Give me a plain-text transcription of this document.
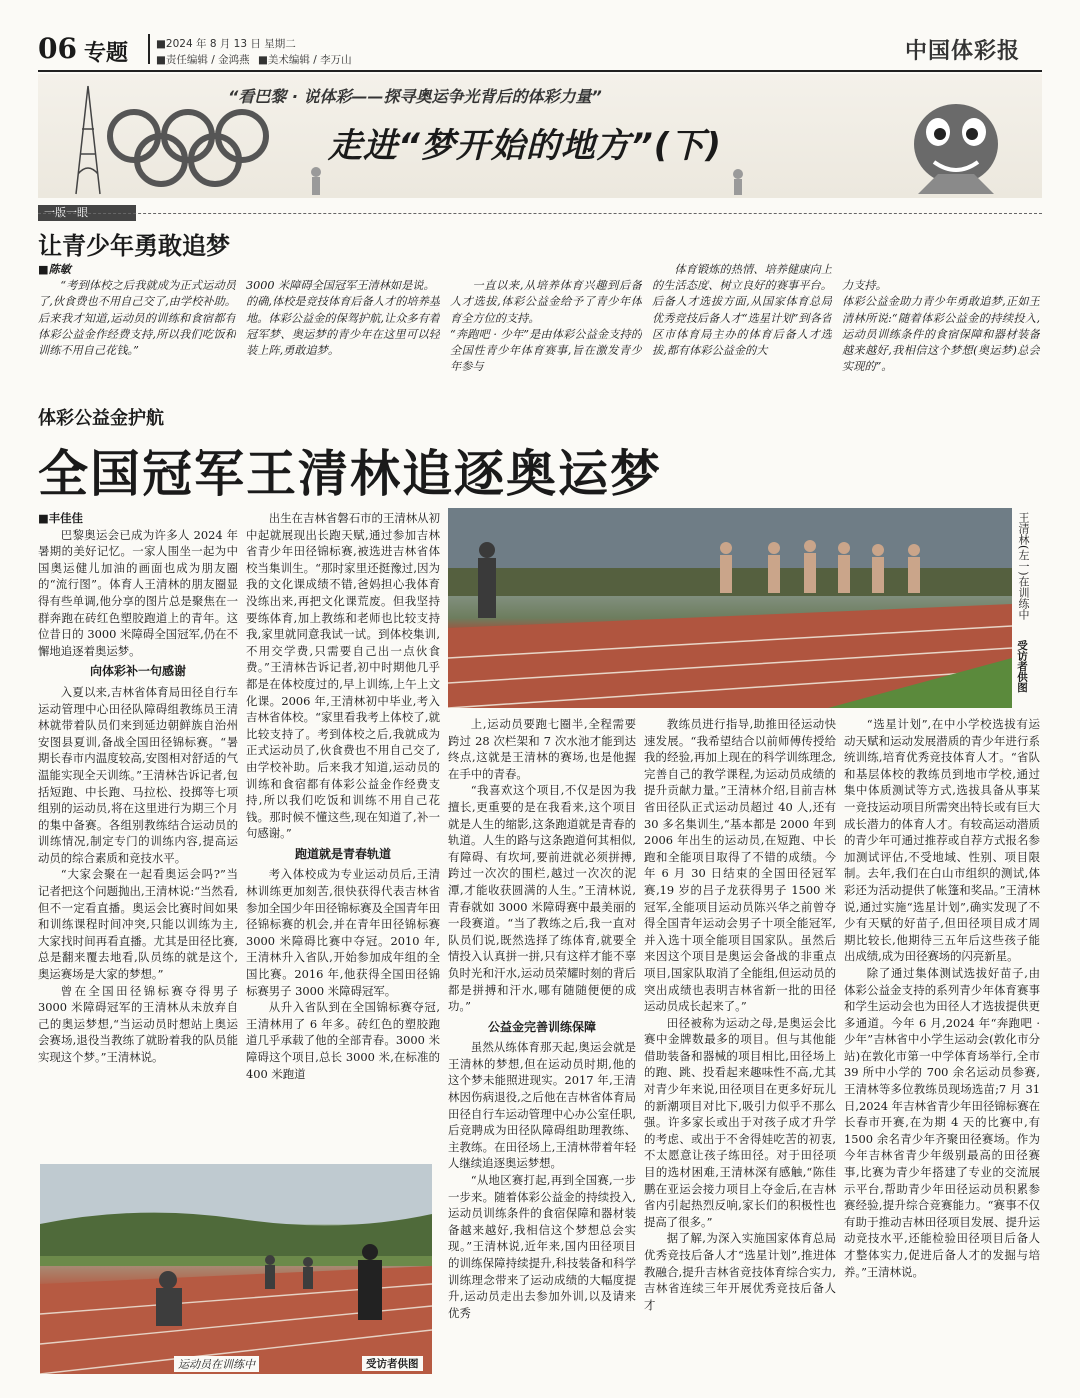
06 专题	■2024 年 8 月 13 日 星期二
■责任编辑 / 金鸿燕 ■美术编辑 / 李万山	中国体彩报
“看巴黎 · 说体彩——探寻奥运争光背后的体彩力量”
走进“梦开始的地方”(下)
一版一眼
让青少年勇敢追梦

■陈敏

“考到体校之后我就成为正式运动员了,伙食费也不用自己交了,由学校补助。后来我才知道,运动员的训练和食宿都有体彩公益金作经费支持,所以我们吃饭和训练不用自己花钱。”

3000 米障碍全国冠军王清林如是说。
的确,体校是竞技体育后备人才的培养基地。体彩公益金的保驾护航,让众多有着冠军梦、奥运梦的青少年在这里可以轻装上阵,勇敢追梦。

一直以来,从培养体育兴趣到后备人才选拔,体彩公益金给予了青少年体育全方位的支持。
“奔跑吧 · 少年”是由体彩公益金支持的全国性青少年体育赛事,旨在激发青少年参与

体育锻炼的热情、培养健康向上的生活态度、树立良好的赛事平台。后备人才选拔方面,从国家体育总局优秀竞技后备人才“选星计划”到各省区市体育局主办的体育后备人才选拔,都有体彩公益金的大

力支持。
体彩公益金助力青少年勇敢追梦,正如王清林所说:“随着体彩公益金的持续投入,运动员训练条件的食宿保障和器材装备越来越好,我相信这个梦想(奥运梦)总会实现的”。

体彩公益金护航
全国冠军王清林追逐奥运梦
王清林(左一)在训练中
受访者供图

■丰佳佳

巴黎奥运会已成为许多人 2024 年暑期的美好记忆。一家人围坐一起为中国奥运健儿加油的画面也成为朋友圈的“流行图”。体育人王清林的朋友圈显得有些单调,他分享的图片总是聚焦在一群奔跑在砖红色塑胶跑道上的青年。这位昔日的 3000 米障碍全国冠军,仍在不懈地追逐着奥运梦。

向体彩补一句感谢

入夏以来,吉林省体育局田径自行车运动管理中心田径队障碍组教练员王清林就带着队员们来到延边朝鲜族自治州安图县夏训,备战全国田径锦标赛。“暑期长春市内温度较高,安图相对舒适的气温能实现全天训练。”王清林告诉记者,包括短跑、中长跑、马拉松、投掷等七项组别的运动员,将在这里进行为期三个月的集中备赛。各组别教练结合运动员的训练情况,制定专门的训练内容,提高运动员的综合素质和竞技水平。

“大家会聚在一起看奥运会吗?”当记者把这个问题抛出,王清林说:“当然看,但不一定看直播。奥运会比赛时间如果和训练课程时间冲突,只能以训练为主,大家找时间再看直播。尤其是田径比赛,总是翻来覆去地看,队员练的就是这个,奥运赛场是大家的梦想。”

曾在全国田径锦标赛夺得男子 3000 米障碍冠军的王清林从未放弃自己的奥运梦想,“当运动员时想站上奥运会赛场,退役当教练了就盼着我的队员能实现这个梦。”王清林说。

出生在吉林省磐石市的王清林从初中起就展现出长跑天赋,通过参加吉林省青少年田径锦标赛,被选进吉林省体校当集训生。“那时家里还挺豫过,因为我的文化课成绩不错,爸妈担心我体育没练出来,再把文化课荒废。但我坚持要练体育,加上教练和老师也比较支持我,家里就同意我试一试。到体校集训,不用交学费,只需要自己出一点伙食费。”王清林告诉记者,初中时期他几乎都是在体校度过的,早上训练,上午上文化课。2006 年,王清林初中毕业,考入吉林省体校。“家里看我考上体校了,就比较支持了。考到体校之后,我就成为正式运动员了,伙食费也不用自己交了,由学校补助。后来我才知道,运动员的训练和食宿都有体彩公益金作经费支持,所以我们吃饭和训练不用自己花钱。那时候不懂这些,现在知道了,补一句感谢。”

跑道就是青春轨道

考入体校成为专业运动员后,王清林训练更加刻苦,很快获得代表吉林省参加全国少年田径锦标赛及全国青年田径锦标赛的机会,并在青年田径锦标赛 3000 米障碍比赛中夺冠。2010 年,王清林升入省队,开始参加成年组的全国比赛。2016 年,他获得全国田径锦标赛男子 3000 米障碍冠军。

从升入省队到在全国锦标赛夺冠,王清林用了 6 年多。砖红色的塑胶跑道几乎承载了他的全部青春。3000 米障碍这个项目,总长 3000 米,在标准的 400 米跑道

上,运动员要跑七圈半,全程需要跨过 28 次栏架和 7 次水池才能到达终点,这就是王清林的赛场,也是他握在手中的青春。

“我喜欢这个项目,不仅是因为我擅长,更重要的是在我看来,这个项目就是人生的缩影,这条跑道就是青春的轨道。人生的路与这条跑道何其相似,有障碍、有坎坷,要前进就必须拼搏,跨过一次次的围栏,越过一次次的泥潭,才能收获圆满的人生。”王清林说,青春就如 3000 米障碍赛中最美丽的一段赛道。“当了教练之后,我一直对队员们说,既然选择了练体育,就要全情投入认真拼一拼,只有这样才能不辜负时光和汗水,运动员荣耀时刻的背后都是拼搏和汗水,哪有随随便便的成功。”

公益金完善训练保障

虽然从练体育那天起,奥运会就是王清林的梦想,但在运动员时期,他的这个梦未能照进现实。2017 年,王清林因伤病退役,之后他在吉林省体育局田径自行车运动管理中心办公室任职,后竞聘成为田径队障碍组助理教练、主教练。在田径场上,王清林带着年轻人继续追逐奥运梦想。

“从地区赛打起,再到全国赛,一步一步来。随着体彩公益金的持续投入,运动员训练条件的食宿保障和器材装备越来越好,我相信这个梦想总会实现。”王清林说,近年来,国内田径项目的训练保障持续提升,科技装备和科学训练理念带来了运动成绩的大幅度提升,运动员走出去参加外训,以及请来优秀

教练员进行指导,助推田径运动快速发展。“我希望结合以前师傅传授给我的经验,再加上现在的科学训练理念,完善自己的教学课程,为运动员成绩的提升贡献力量。”王清林介绍,目前吉林省田径队正式运动员超过 40 人,还有 30 多名集训生,“基本都是 2000 年到 2006 年出生的运动员,在短跑、中长跑和全能项目取得了不错的成绩。今年 6 月 30 日结束的全国田径冠军赛,19 岁的吕子龙获得男子 1500 米冠军,全能项目运动员陈兴华之前曾夺得全国青年运动会男子十项全能冠军,并入选十项全能项目国家队。虽然后来因这个项目是奥运会备战的非重点项目,国家队取消了全能组,但运动员的突出成绩也表明吉林省新一批的田径运动员成长起来了。”

田径被称为运动之母,是奥运会比赛中金牌数最多的项目。但与其他能借助装备和器械的项目相比,田径场上的跑、跳、投看起来趣味性不高,尤其对青少年来说,田径项目在更多好玩儿的新潮项目对比下,吸引力似乎不那么强。许多家长或出于对孩子成才升学的考虑、或出于不舍得娃吃苦的初衷,不太愿意让孩子练田径。对于田径项目的选材困难,王清林深有感触,“陈佳鹏在亚运会接力项目上夺金后,在吉林省内引起热烈反响,家长们的积极性也提高了很多。”

据了解,为深入实施国家体育总局优秀竞技后备人才“选星计划”,推进体教融合,提升吉林省竞技体育综合实力,吉林省连续三年开展优秀竞技后备人才

“选星计划”,在中小学校选拔有运动天赋和运动发展潜质的青少年进行系统训练,培育优秀竞技体育人才。“省队和基层体校的教练员到地市学校,通过集中体质测试等方式,选拔具备从事某一竞技运动项目所需突出特长或有巨大成长潜力的体育人才。有较高运动潜质的青少年可通过推荐或自荐方式报名参加测试评估,不受地域、性别、项目限制。去年,我们在白山市组织的测试,体彩还为活动提供了帐篷和奖品。”王清林说,通过实施“选星计划”,确实发现了不少有天赋的好苗子,但田径项目成才周期比较长,他期待三五年后这些孩子能出成绩,成为田径赛场的闪亮新星。

除了通过集体测试选拔好苗子,由体彩公益金支持的系列青少年体育赛事和学生运动会也为田径人才选拔提供更多通道。今年 6 月,2024 年“奔跑吧 · 少年”吉林省中小学生运动会(敦化市分站)在敦化市第一中学体育场举行,全市 39 所中小学的 700 余名运动员参赛,王清林等多位教练员现场选苗;7 月 31 日,2024 年吉林省青少年田径锦标赛在长春市开赛,在为期 4 天的比赛中,有 1500 余名青少年齐聚田径赛场。作为今年吉林省青少年级别最高的田径赛事,比赛为青少年搭建了专业的交流展示平台,帮助青少年田径运动员积累参赛经验,提升综合竞赛能力。“赛事不仅有助于推动吉林田径项目发展、提升运动竞技水平,还能检验田径项目后备人才整体实力,促进后备人才的发掘与培养。”王清林说。

运动员在训练中	受访者供图
